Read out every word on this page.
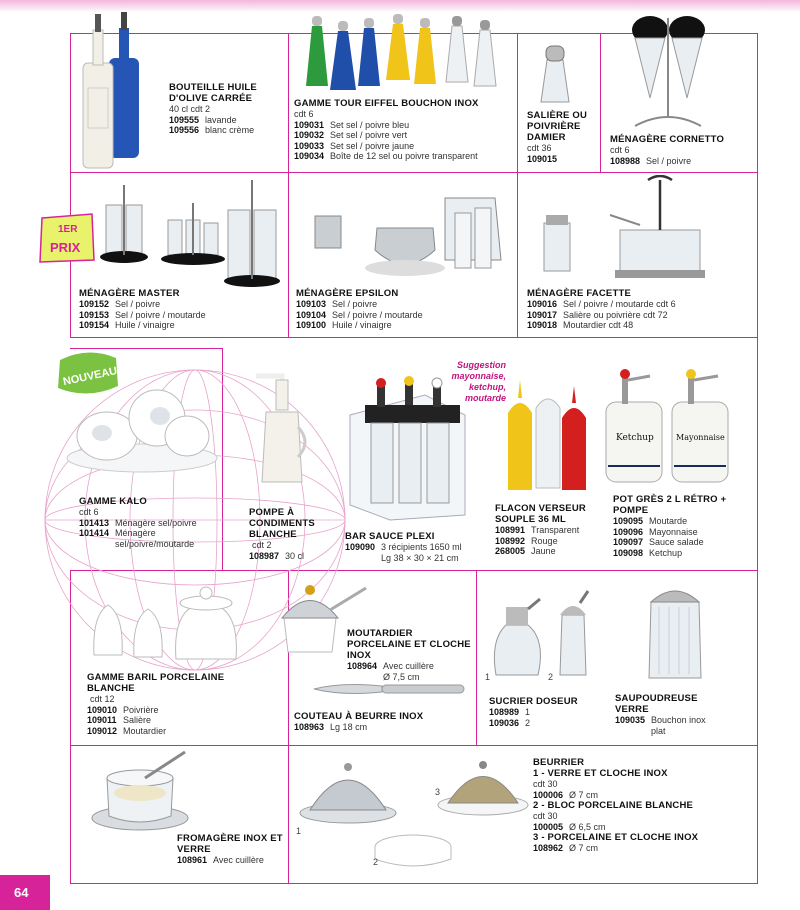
BOUTEILLE HUILE D'OLIVE CARRÉE
40 cl cdt 2
109555	lavande
109556	blanc crème
GAMME TOUR EIFFEL BOUCHON INOX
cdt 6
109031	Set sel / poivre bleu
109032	Set sel / poivre vert
109033	Set sel / poivre jaune
109034	Boîte de 12 sel ou poivre transparent
SALIÈRE OU POIVRIÈRE DAMIER
cdt 36
109015	
MÉNAGÈRE CORNETTO
cdt 6
108988	Sel / poivre
1ER
PRIX
MÉNAGÈRE MASTER
109152	Sel / poivre
109153	Sel / poivre / moutarde
109154	Huile / vinaigre
MÉNAGÈRE EPSILON
109103	Sel / poivre
109104	Sel / poivre / moutarde
109100	Huile / vinaigre
MÉNAGÈRE FACETTE
109016	Sel / poivre / moutarde cdt 6
109017	Salière ou poivrière cdt 72
109018	Moutardier cdt 48
NOUVEAU
Suggestion mayonnaise, ketchup, moutarde
Ketchup	Mayonnaise
GAMME KALO
cdt 6
101413	Ménagère sel/poivre
101414	Ménagère sel/poivre/moutarde
POMPE À CONDIMENTS BLANCHE
cdt 2
108987	30 cl
BAR SAUCE PLEXI
109090	3 récipients 1650 ml
	Lg 38 × 30 × 21 cm
FLACON VERSEUR SOUPLE 36 ML
108991	Transparent
108992	Rouge
268005	Jaune
POT GRÈS 2 L RÉTRO + POMPE
109095	Moutarde
109096	Mayonnaise
109097	Sauce salade
109098	Ketchup
1	2
GAMME BARIL PORCELAINE BLANCHE
cdt 12
109010	Poivrière
109011	Salière
109012	Moutardier
MOUTARDIER PORCELAINE ET CLOCHE INOX
108964	Avec cuillère
	Ø 7,5 cm
COUTEAU À BEURRE INOX
108963	Lg 18 cm
SUCRIER DOSEUR
108989	1
109036	2
SAUPOUDREUSE VERRE
109035	Bouchon inox plat
1
2
3
FROMAGÈRE INOX ET VERRE
108961	Avec cuillère
BEURRIER
1 - VERRE ET CLOCHE INOX
cdt 30
100006	Ø 7 cm
2 - BLOC PORCELAINE BLANCHE
cdt 30
100005	Ø 6,5 cm
3 - PORCELAINE ET CLOCHE INOX
108962	Ø 7 cm
64
